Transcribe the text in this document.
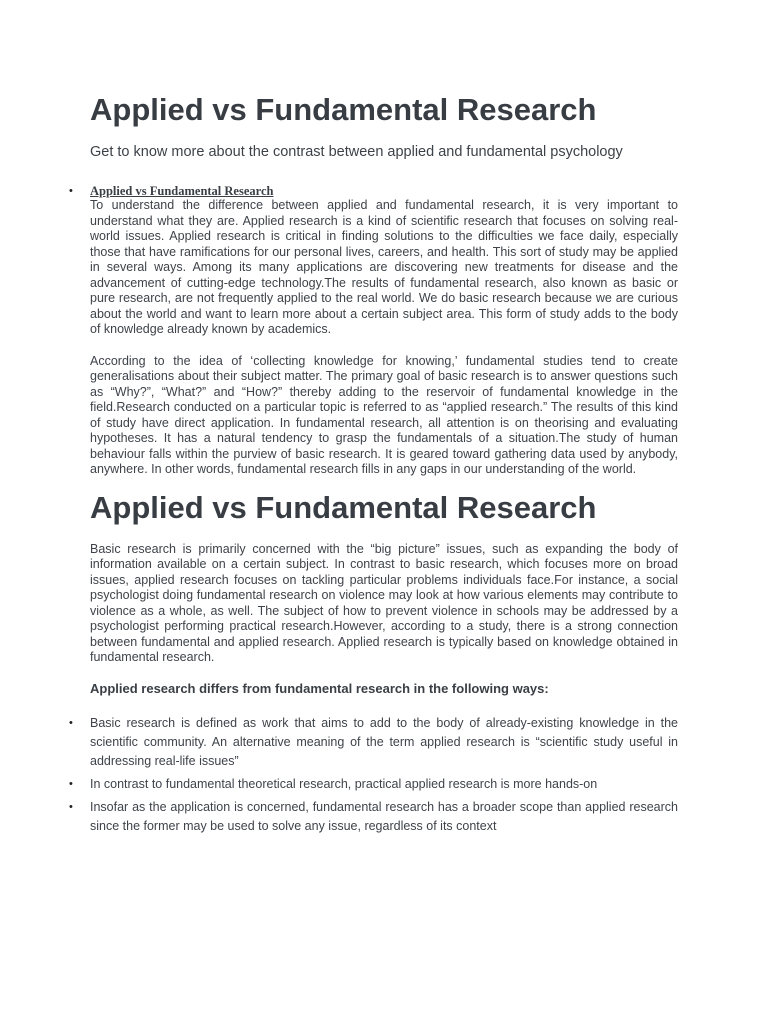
Applied vs Fundamental Research

Get to know more about the contrast between applied and fundamental psychology

• Applied vs Fundamental Research

To understand the difference between applied and fundamental research, it is very important to understand what they are. Applied research is a kind of scientific research that focuses on solving real-world issues. Applied research is critical in finding solutions to the difficulties we face daily, especially those that have ramifications for our personal lives, careers, and health. This sort of study may be applied in several ways. Among its many applications are discovering new treatments for disease and the advancement of cutting-edge technology.The results of fundamental research, also known as basic or pure research, are not frequently applied to the real world. We do basic research because we are curious about the world and want to learn more about a certain subject area. This form of study adds to the body of knowledge already known by academics.

According to the idea of ‘collecting knowledge for knowing,’ fundamental studies tend to create generalisations about their subject matter. The primary goal of basic research is to answer questions such as “Why?”, “What?” and “How?” thereby adding to the reservoir of fundamental knowledge in the field.Research conducted on a particular topic is referred to as “applied research.” The results of this kind of study have direct application. In fundamental research, all attention is on theorising and evaluating hypotheses. It has a natural tendency to grasp the fundamentals of a situation.The study of human behaviour falls within the purview of basic research. It is geared toward gathering data used by anybody, anywhere. In other words, fundamental research fills in any gaps in our understanding of the world.

Applied vs Fundamental Research

Basic research is primarily concerned with the “big picture” issues, such as expanding the body of information available on a certain subject. In contrast to basic research, which focuses more on broad issues, applied research focuses on tackling particular problems individuals face.For instance, a social psychologist doing fundamental research on violence may look at how various elements may contribute to violence as a whole, as well. The subject of how to prevent violence in schools may be addressed by a psychologist performing practical research.However, according to a study, there is a strong connection between fundamental and applied research. Applied research is typically based on knowledge obtained in fundamental research.

Applied research differs from fundamental research in the following ways:

• Basic research is defined as work that aims to add to the body of already-existing knowledge in the scientific community. An alternative meaning of the term applied research is “scientific study useful in addressing real-life issues”
• In contrast to fundamental theoretical research, practical applied research is more hands-on
• Insofar as the application is concerned, fundamental research has a broader scope than applied research since the former may be used to solve any issue, regardless of its context
